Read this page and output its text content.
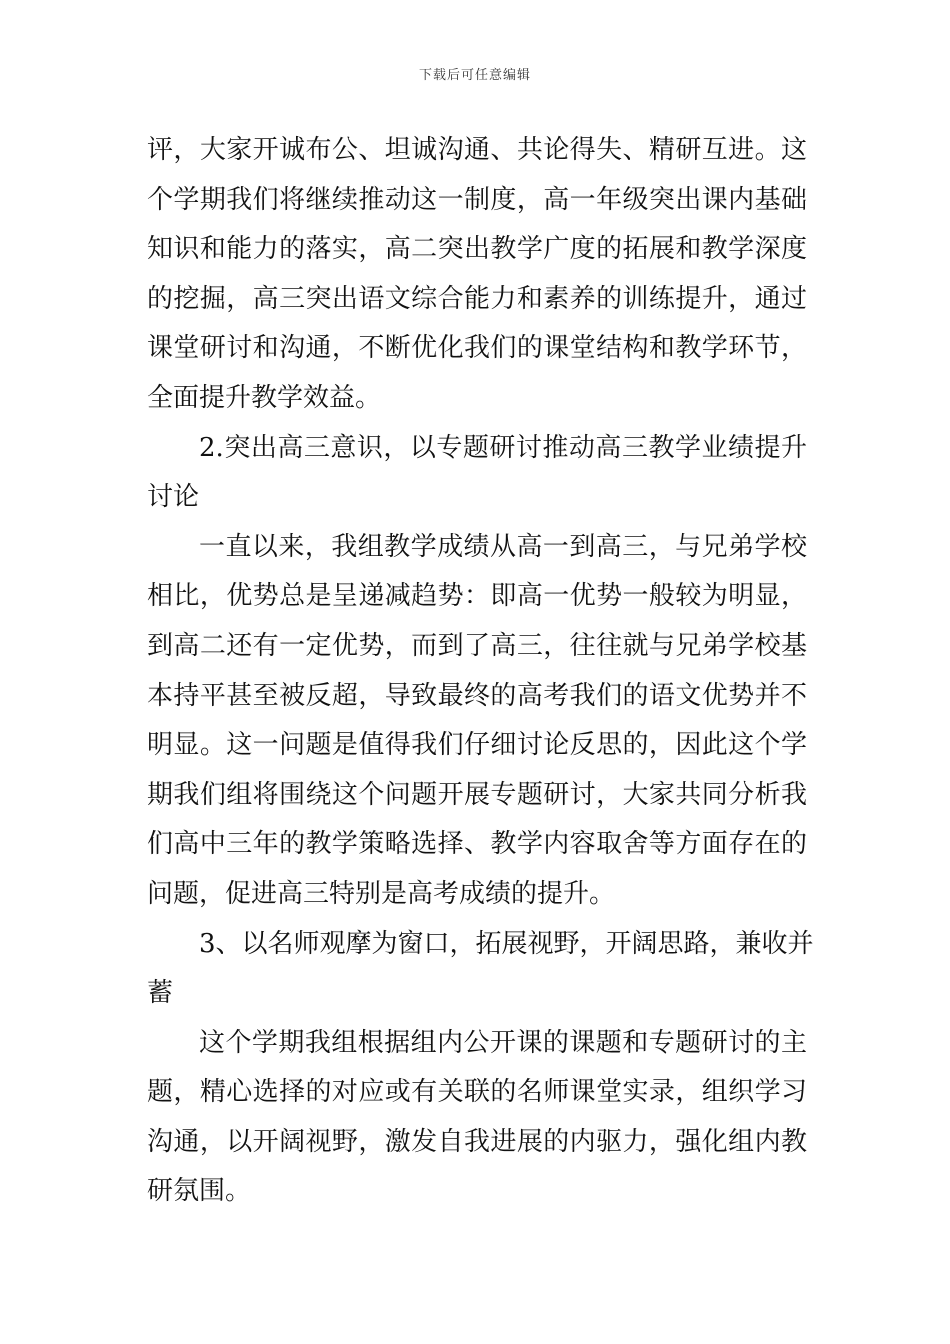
下载后可任意编辑
评，大家开诚布公、坦诚沟通、共论得失、精研互进。这
个学期我们将继续推动这一制度，高一年级突出课内基础
知识和能力的落实，高二突出教学广度的拓展和教学深度
的挖掘，高三突出语文综合能力和素养的训练提升，通过
课堂研讨和沟通，不断优化我们的课堂结构和教学环节，
全面提升教学效益。
2.突出高三意识，以专题研讨推动高三教学业绩提升
讨论
一直以来，我组教学成绩从高一到高三，与兄弟学校
相比，优势总是呈递减趋势：即高一优势一般较为明显，
到高二还有一定优势，而到了高三，往往就与兄弟学校基
本持平甚至被反超，导致最终的高考我们的语文优势并不
明显。这一问题是值得我们仔细讨论反思的，因此这个学
期我们组将围绕这个问题开展专题研讨，大家共同分析我
们高中三年的教学策略选择、教学内容取舍等方面存在的
问题，促进高三特别是高考成绩的提升。
3、以名师观摩为窗口，拓展视野，开阔思路，兼收并
蓄
这个学期我组根据组内公开课的课题和专题研讨的主
题，精心选择的对应或有关联的名师课堂实录，组织学习
沟通，以开阔视野，激发自我进展的内驱力，强化组内教
研氛围。
